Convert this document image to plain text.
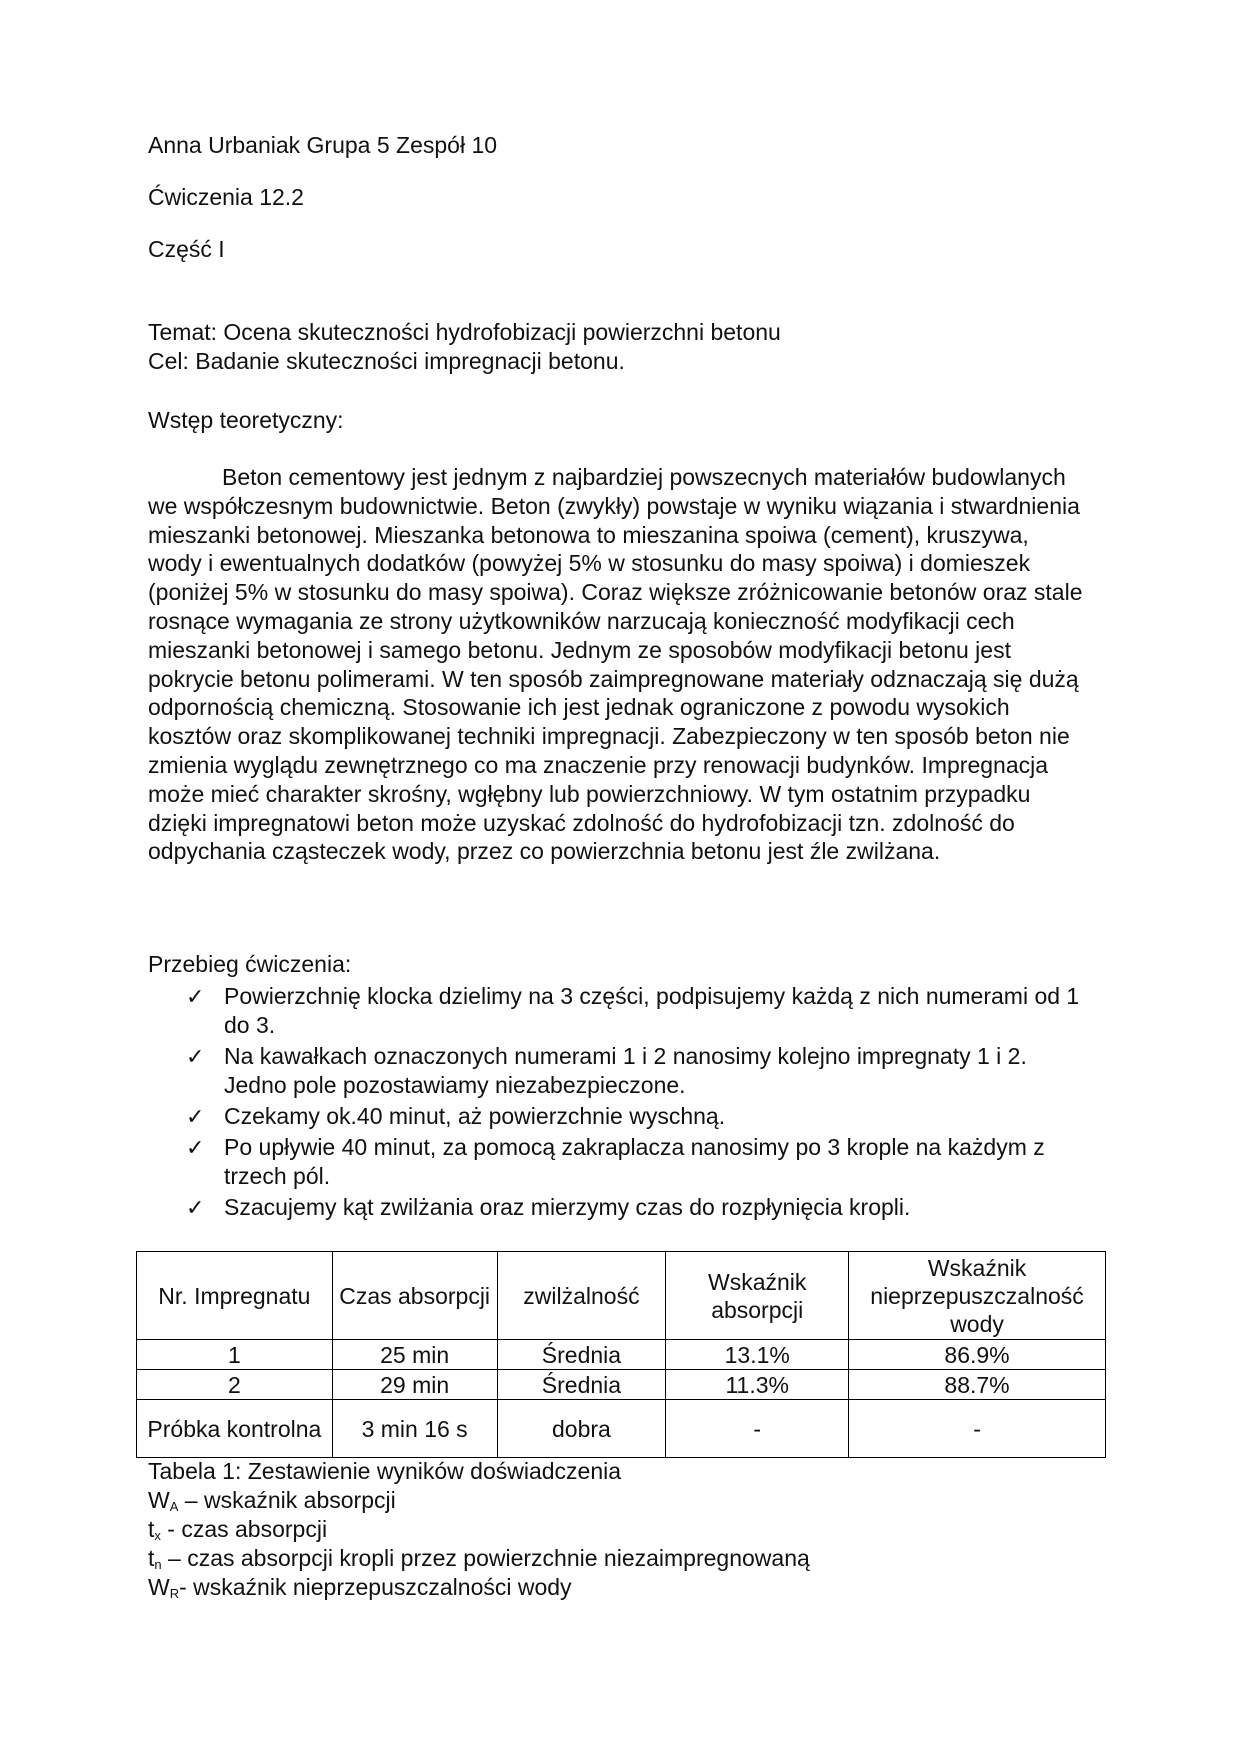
Anna Urbaniak Grupa 5 Zespół 10
Ćwiczenia 12.2
Część I
Temat: Ocena skuteczności hydrofobizacji powierzchni betonu
Cel: Badanie skuteczności impregnacji betonu.
Wstęp teoretyczny:
Beton cementowy jest jednym z najbardziej powszecnych materiałów budowlanych we współczesnym budownictwie. Beton (zwykły) powstaje w wyniku wiązania i stwardnienia mieszanki betonowej. Mieszanka betonowa to mieszanina spoiwa (cement), kruszywa, wody i ewentualnych dodatków (powyżej 5% w stosunku do masy spoiwa) i domieszek (poniżej 5% w stosunku do masy spoiwa). Coraz większe zróżnicowanie betonów oraz stale rosnące wymagania ze strony użytkowników narzucają konieczność modyfikacji cech mieszanki betonowej i samego betonu. Jednym ze sposobów modyfikacji betonu jest pokrycie betonu polimerami. W ten sposób zaimpregnowane materiały odznaczają się dużą odpornością chemiczną. Stosowanie ich jest jednak ograniczone z powodu wysokich kosztów oraz skomplikowanej techniki impregnacji. Zabezpieczony w ten sposób beton nie zmienia wyglądu zewnętrznego co ma znaczenie przy renowacji budynków. Impregnacja może mieć charakter skrośny, wgłębny lub powierzchniowy. W tym ostatnim przypadku dzięki impregnatowi beton może uzyskać zdolność do hydrofobizacji tzn. zdolność do odpychania cząsteczek wody, przez co powierzchnia betonu jest źle zwilżana.
Przebieg ćwiczenia:
✓ Powierzchnię klocka dzielimy na 3 części, podpisujemy każdą z nich numerami od 1 do 3.
✓ Na kawałkach oznaczonych numerami 1 i 2 nanosimy kolejno impregnaty 1 i 2. Jedno pole pozostawiamy niezabezpieczone.
✓ Czekamy ok.40 minut, aż powierzchnie wyschną.
✓ Po upływie 40 minut, za pomocą zakraplacza nanosimy po 3 krople na każdym z trzech pól.
✓ Szacujemy kąt zwilżania oraz mierzymy czas do rozpłynięcia kropli.
Nr. Impregnatu	Czas absorpcji	zwilżalność	Wskaźnik absorpcji	Wskaźnik nieprzepuszczalność wody
1	25 min	Średnia	13.1%	86.9%
2	29 min	Średnia	11.3%	88.7%
Próbka kontrolna	3 min 16 s	dobra	-	-
Tabela 1: Zestawienie wyników doświadczenia
$W_A$ – wskaźnik absorpcji
$t_x$ - czas absorpcji
$t_n$ – czas absorpcji kropli przez powierzchnie niezaimpregnowaną
$W_R-$ wskaźnik nieprzepuszczalności wody
